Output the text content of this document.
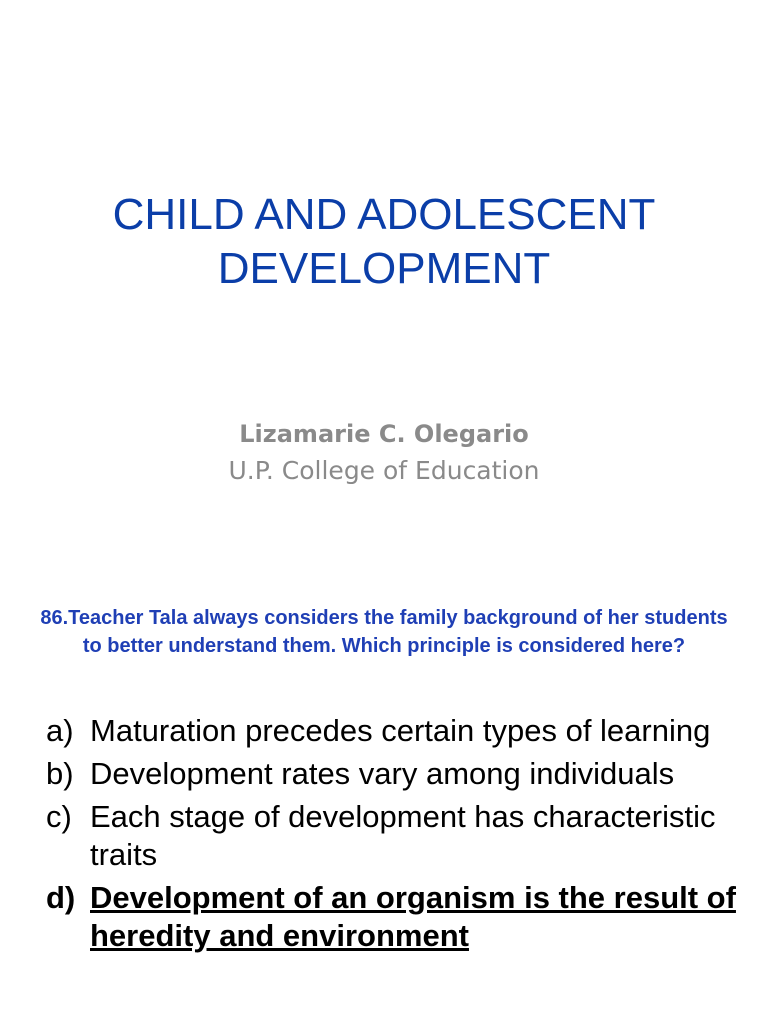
CHILD AND ADOLESCENT
DEVELOPMENT
Lizamarie C. Olegario
U.P. College of Education
86.Teacher Tala always considers the family background of her students to better understand them. Which principle is considered here?
a) Maturation precedes certain types of learning
b) Development rates vary among individuals
c) Each stage of development has characteristic traits
d) Development of an organism is the result of heredity and environment
